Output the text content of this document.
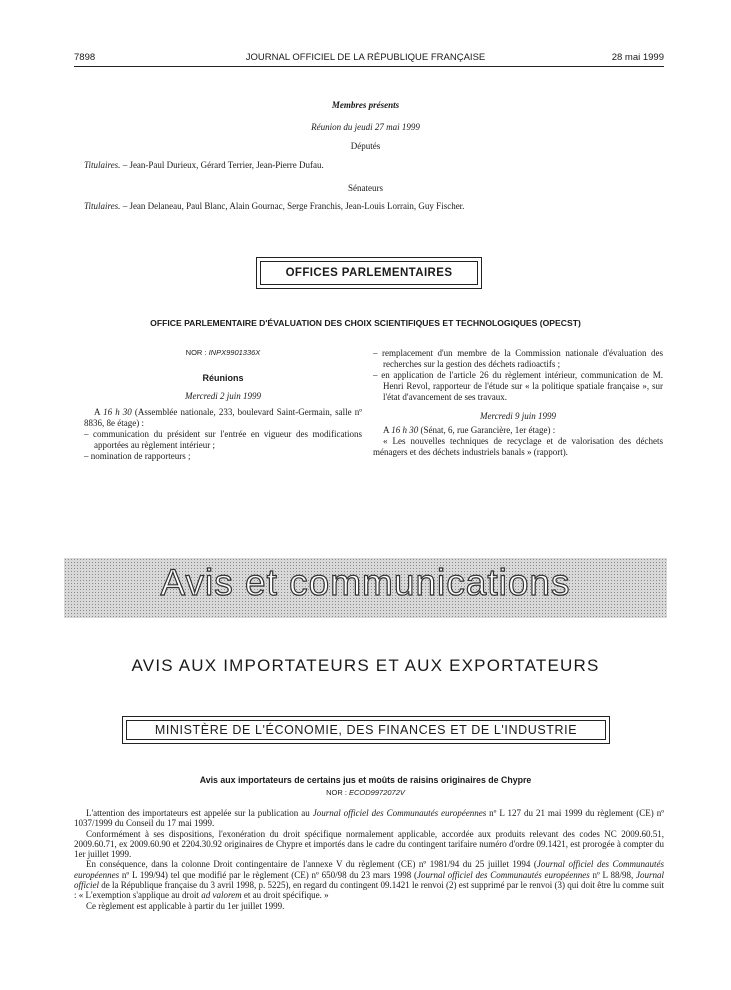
7898	JOURNAL OFFICIEL DE LA RÉPUBLIQUE FRANÇAISE	28 mai 1999
Membres présents
Réunion du jeudi 27 mai 1999
Députés
Titulaires. – Jean-Paul Durieux, Gérard Terrier, Jean-Pierre Dufau.
Sénateurs
Titulaires. – Jean Delaneau, Paul Blanc, Alain Gournac, Serge Franchis, Jean-Louis Lorrain, Guy Fischer.
OFFICES PARLEMENTAIRES
OFFICE PARLEMENTAIRE D'ÉVALUATION DES CHOIX SCIENTIFIQUES ET TECHNOLOGIQUES (OPECST)
NOR : INPX9901336X
Réunions
Mercredi 2 juin 1999

A 16 h 30 (Assemblée nationale, 233, boulevard Saint-Germain, salle nº 8836, 8e étage) :

– communication du président sur l'entrée en vigueur des modifications apportées au règlement intérieur ;

– nomination de rapporteurs ;

– remplacement d'un membre de la Commission nationale d'évaluation des recherches sur la gestion des déchets radioactifs ;

– en application de l'article 26 du règlement intérieur, communication de M. Henri Revol, rapporteur de l'étude sur « la politique spatiale française », sur l'état d'avancement de ses travaux.

Mercredi 9 juin 1999

A 16 h 30 (Sénat, 6, rue Garancière, 1er étage) :

« Les nouvelles techniques de recyclage et de valorisation des déchets ménagers et des déchets industriels banals » (rapport).

Avis et communications
AVIS AUX IMPORTATEURS ET AUX EXPORTATEURS
MINISTÈRE DE L'ÉCONOMIE, DES FINANCES ET DE L'INDUSTRIE
Avis aux importateurs de certains jus et moûts de raisins originaires de Chypre
NOR : ECOD9972072V

L'attention des importateurs est appelée sur la publication au Journal officiel des Communautés européennes nº L 127 du 21 mai 1999 du règlement (CE) nº 1037/1999 du Conseil du 17 mai 1999.

Conformément à ses dispositions, l'exonération du droit spécifique normalement applicable, accordée aux produits relevant des codes NC 2009.60.51, 2009.60.71, ex 2009.60.90 et 2204.30.92 originaires de Chypre et importés dans le cadre du contingent tarifaire numéro d'ordre 09.1421, est prorogée à compter du 1er juillet 1999.

En conséquence, dans la colonne Droit contingentaire de l'annexe V du règlement (CE) nº 1981/94 du 25 juillet 1994 (Journal officiel des Communautés européennes nº L 199/94) tel que modifié par le règlement (CE) nº 650/98 du 23 mars 1998 (Journal officiel des Communautés européennes nº L 88/98, Journal officiel de la République française du 3 avril 1998, p. 5225), en regard du contingent 09.1421 le renvoi (2) est supprimé par le renvoi (3) qui doit être lu comme suit : « L'exemption s'applique au droit ad valorem et au droit spécifique. »

Ce règlement est applicable à partir du 1er juillet 1999.
